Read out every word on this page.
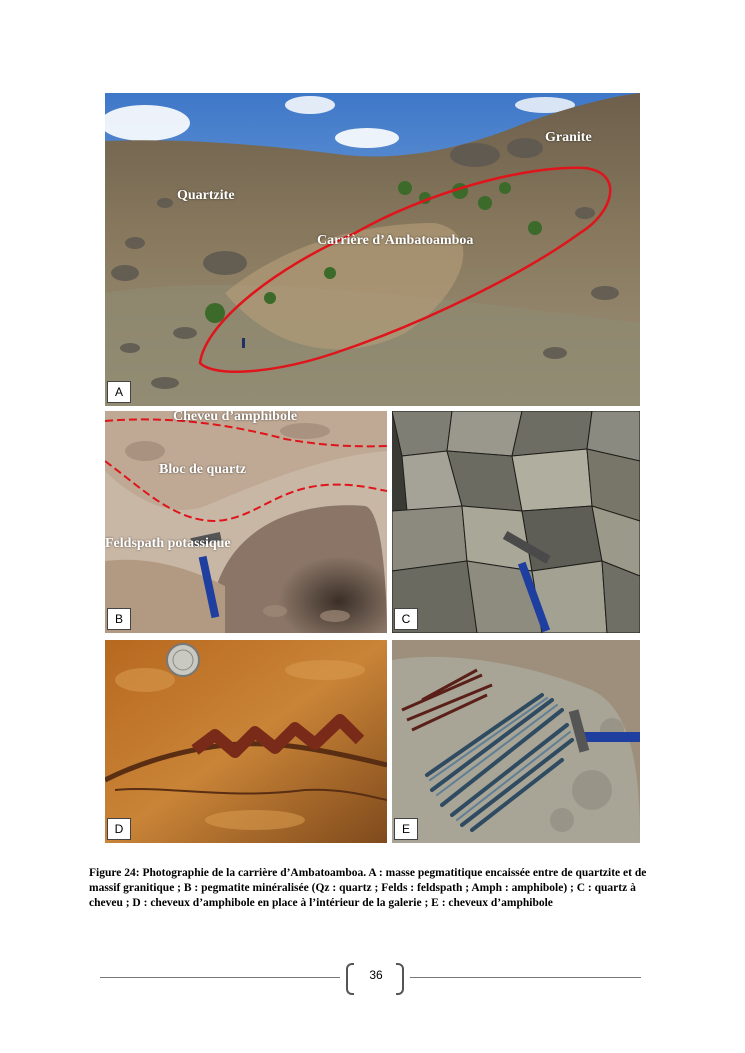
Granite
Quartzite
Carrière d’Ambatoamboa
A
Cheveu d’amphibole
Bloc de quartz
Feldspath potassique
B	C
D	E
Figure 24: Photographie de la carrière d’Ambatoamboa. A : masse pegmatitique encaissée entre de quartzite et de massif granitique ; B : pegmatite minéralisée (Qz : quartz ; Felds : feldspath ; Amph : amphibole) ; C : quartz à cheveu ; D : cheveux d’amphibole en place à l’intérieur de la galerie ; E : cheveux d’amphibole
36
